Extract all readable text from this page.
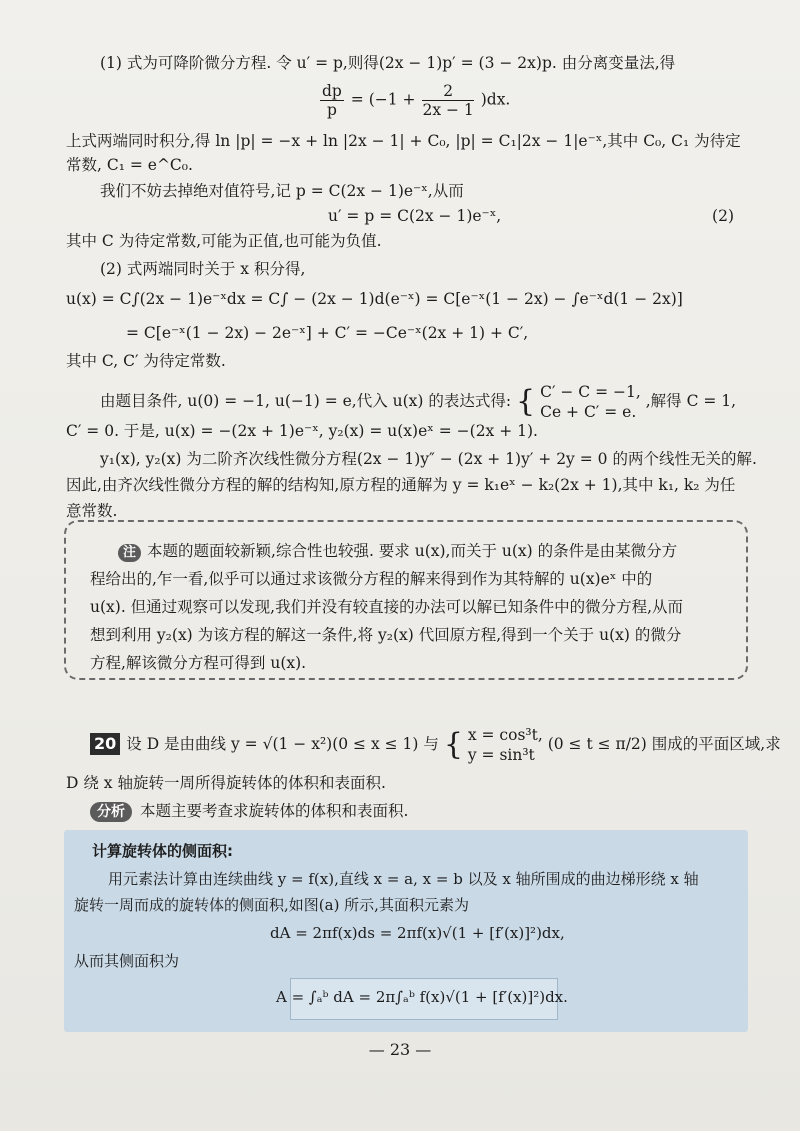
(1) 式为可降阶微分方程. 令 u′ = p,则得(2x − 1)p′ = (3 − 2x)p. 由分离变量法,得
$\frac{dp}{p} = (-1 + \frac{2}{2x - 1} )dx$.
上式两端同时积分,得 ln |p| = −x + ln |2x − 1| + C₀, |p| = C₁|2x − 1|e⁻ˣ,其中 C₀, C₁ 为待定
常数, C₁ = e^C₀.
我们不妨去掉绝对值符号,记 p = C(2x − 1)e⁻ˣ,从而
u′ = p = C(2x − 1)e⁻ˣ,	(2)
其中 C 为待定常数,可能为正值,也可能为负值.
(2) 式两端同时关于 x 积分得,
u(x) = C∫(2x − 1)e⁻ˣdx = C∫ − (2x − 1)d(e⁻ˣ) = C[e⁻ˣ(1 − 2x) − ∫e⁻ˣd(1 − 2x)]
= C[e⁻ˣ(1 − 2x) − 2e⁻ˣ] + C′ = −Ce⁻ˣ(2x + 1) + C′,
其中 C, C′ 为待定常数.
由题目条件, u(0) = −1, u(−1) = e,代入 u(x) 的表达式得: { C′ − C = −1,
Ce + C′ = e.
,解得 C = 1,
C′ = 0. 于是, u(x) = −(2x + 1)e⁻ˣ, y₂(x) = u(x)eˣ = −(2x + 1).
y₁(x), y₂(x) 为二阶齐次线性微分方程(2x − 1)y″ − (2x + 1)y′ + 2y = 0 的两个线性无关的解.
因此,由齐次线性微分方程的解的结构知,原方程的通解为 y = k₁eˣ − k₂(2x + 1),其中 k₁, k₂ 为任
意常数.
注 本题的题面较新颖,综合性也较强. 要求 u(x),而关于 u(x) 的条件是由某微分方
程给出的,乍一看,似乎可以通过求该微分方程的解来得到作为其特解的 u(x)eˣ 中的
u(x). 但通过观察可以发现,我们并没有较直接的办法可以解已知条件中的微分方程,从而
想到利用 y₂(x) 为该方程的解这一条件,将 y₂(x) 代回原方程,得到一个关于 u(x) 的微分
方程,解该微分方程可得到 u(x).
20 设 D 是由曲线 y = √(1 − x²)(0 ≤ x ≤ 1) 与 { x = cos³t,
y = sin³t
(0 ≤ t ≤ π/2) 围成的平面区域,求
D 绕 x 轴旋转一周所得旋转体的体积和表面积.
分析 本题主要考查求旋转体的体积和表面积.
计算旋转体的侧面积:
用元素法计算由连续曲线 y = f(x),直线 x = a, x = b 以及 x 轴所围成的曲边梯形绕 x 轴
旋转一周而成的旋转体的侧面积,如图(a) 所示,其面积元素为
dA = 2πf(x)ds = 2πf(x)√(1 + [f′(x)]²)dx,
从而其侧面积为
A = ∫ₐᵇ dA = 2π∫ₐᵇ f(x)√(1 + [f′(x)]²)dx.
— 23 —
